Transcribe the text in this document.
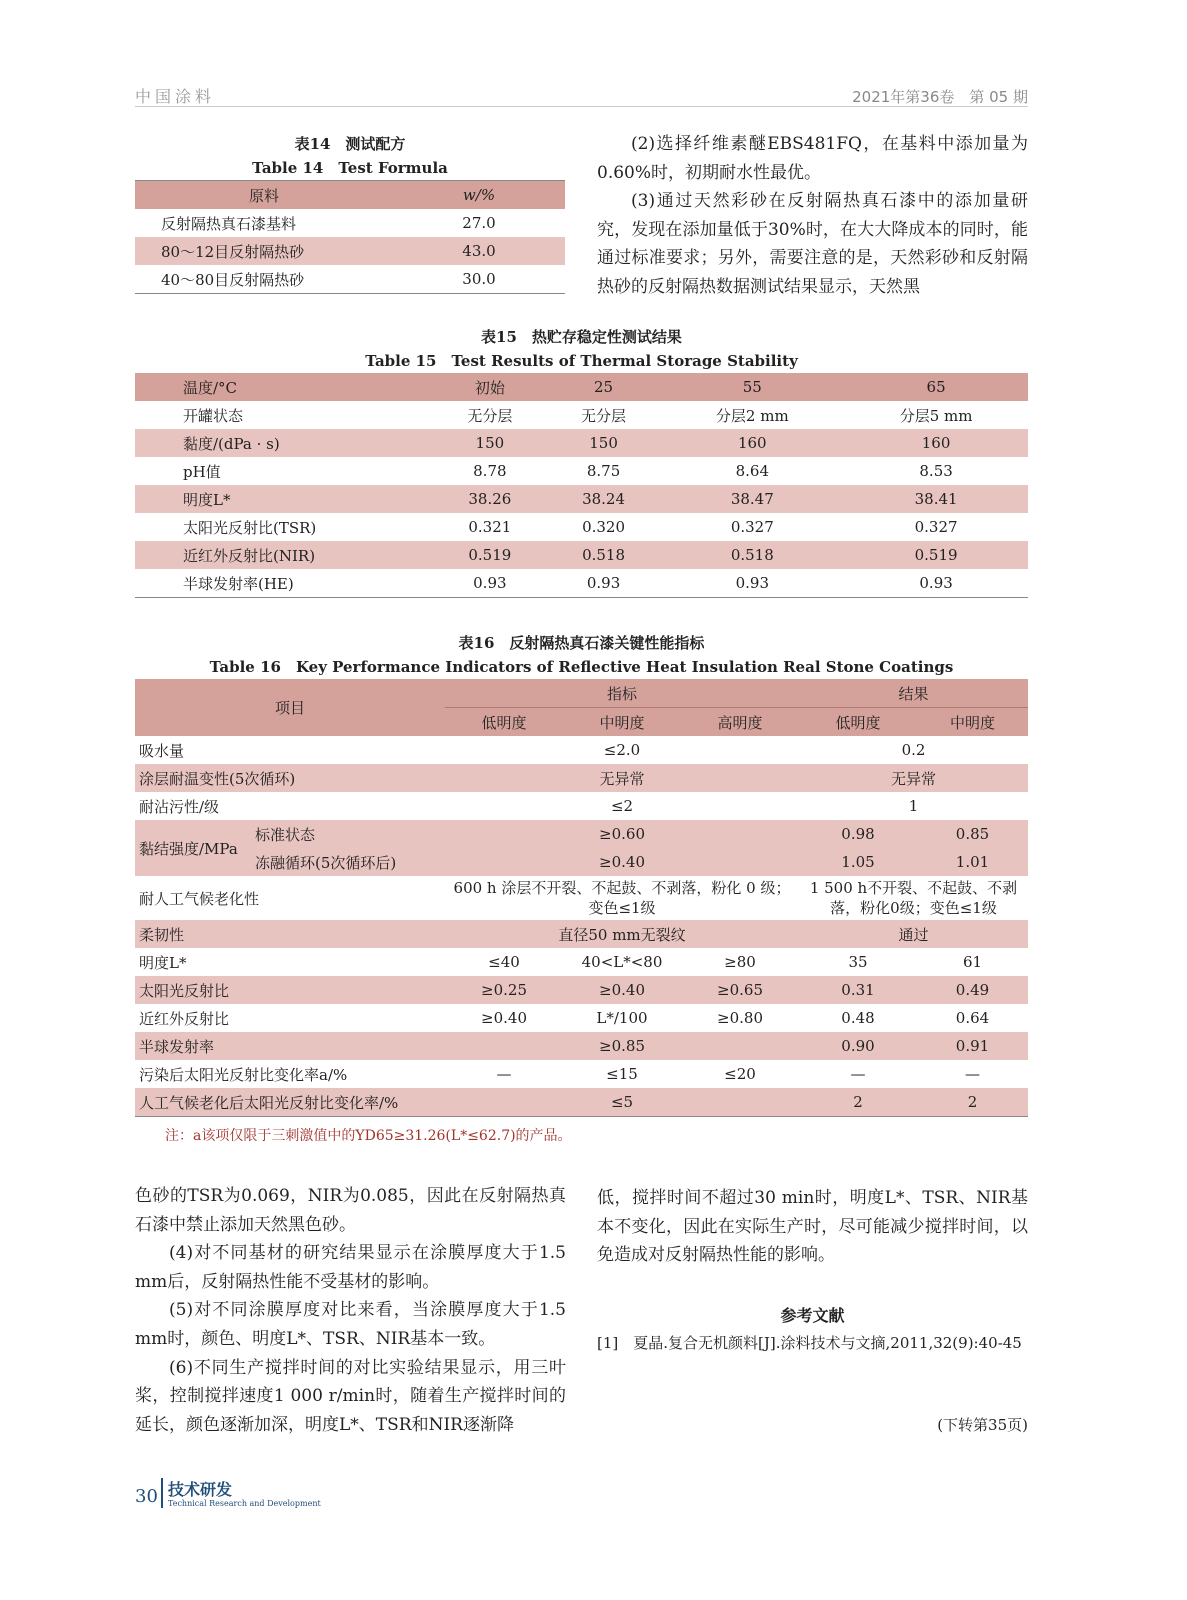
中国涂料	2021年第36卷　第 05 期
表14　测试配方
Table 14　Test Formula
原料	w/%
反射隔热真石漆基料	27.0
80～12目反射隔热砂	43.0
40～80目反射隔热砂	30.0

(2)选择纤维素醚EBS481FQ，在基料中添加量为0.60%时，初期耐水性最优。

(3)通过天然彩砂在反射隔热真石漆中的添加量研究，发现在添加量低于30%时，在大大降成本的同时，能通过标准要求；另外，需要注意的是，天然彩砂和反射隔热砂的反射隔热数据测试结果显示，天然黑

表15　热贮存稳定性测试结果
Table 15　Test Results of Thermal Storage Stability
温度/°C	初始	25	55	65
开罐状态	无分层	无分层	分层2 mm	分层5 mm
黏度/(dPa · s)	150	150	160	160
pH值	8.78	8.75	8.64	8.53
明度L*	38.26	38.24	38.47	38.41
太阳光反射比(TSR)	0.321	0.320	0.327	0.327
近红外反射比(NIR)	0.519	0.518	0.518	0.519
半球发射率(HE)	0.93	0.93	0.93	0.93
表16　反射隔热真石漆关键性能指标
Table 16　Key Performance Indicators of Reflective Heat Insulation Real Stone Coatings
项目		指标			结果	
		低明度	中明度	高明度	低明度	中明度
吸水量		≤2.0			0.2	
涂层耐温变性(5次循环)		无异常			无异常	
耐沾污性/级		≤2			1	
黏结强度/MPa	标准状态	≥0.60			0.98	0.85
	冻融循环(5次循环后)	≥0.40			1.05	1.01
耐人工气候老化性		600 h 涂层不开裂、不起鼓、不剥落，粉化 0 级；变色≤1级			1 500 h不开裂、不起鼓、不剥落，粉化0级；变色≤1级	
柔韧性		直径50 mm无裂纹			通过	
明度L*		≤40	40<L*<80	≥80	35	61
太阳光反射比		≥0.25	≥0.40	≥0.65	0.31	0.49
近红外反射比		≥0.40	L*/100	≥0.80	0.48	0.64
半球发射率		≥0.85			0.90	0.91
污染后太阳光反射比变化率a/%		—	≤15	≤20	—	—
人工气候老化后太阳光反射比变化率/%		≤5			2	2
注：a该项仅限于三刺激值中的YD65≥31.26(L*≤62.7)的产品。

色砂的TSR为0.069，NIR为0.085，因此在反射隔热真石漆中禁止添加天然黑色砂。

(4)对不同基材的研究结果显示在涂膜厚度大于1.5 mm后，反射隔热性能不受基材的影响。

(5)对不同涂膜厚度对比来看，当涂膜厚度大于1.5 mm时，颜色、明度L*、TSR、NIR基本一致。

(6)不同生产搅拌时间的对比实验结果显示，用三叶桨，控制搅拌速度1 000 r/min时，随着生产搅拌时间的延长，颜色逐渐加深，明度L*、TSR和NIR逐渐降

低，搅拌时间不超过30 min时，明度L*、TSR、NIR基本不变化，因此在实际生产时，尽可能减少搅拌时间，以免造成对反射隔热性能的影响。
参考文献
[1]　夏晶.复合无机颜料[J].涂料技术与文摘,2011,32(9):40-45
(下转第35页)
30 技术研发
Technical Research and Development
